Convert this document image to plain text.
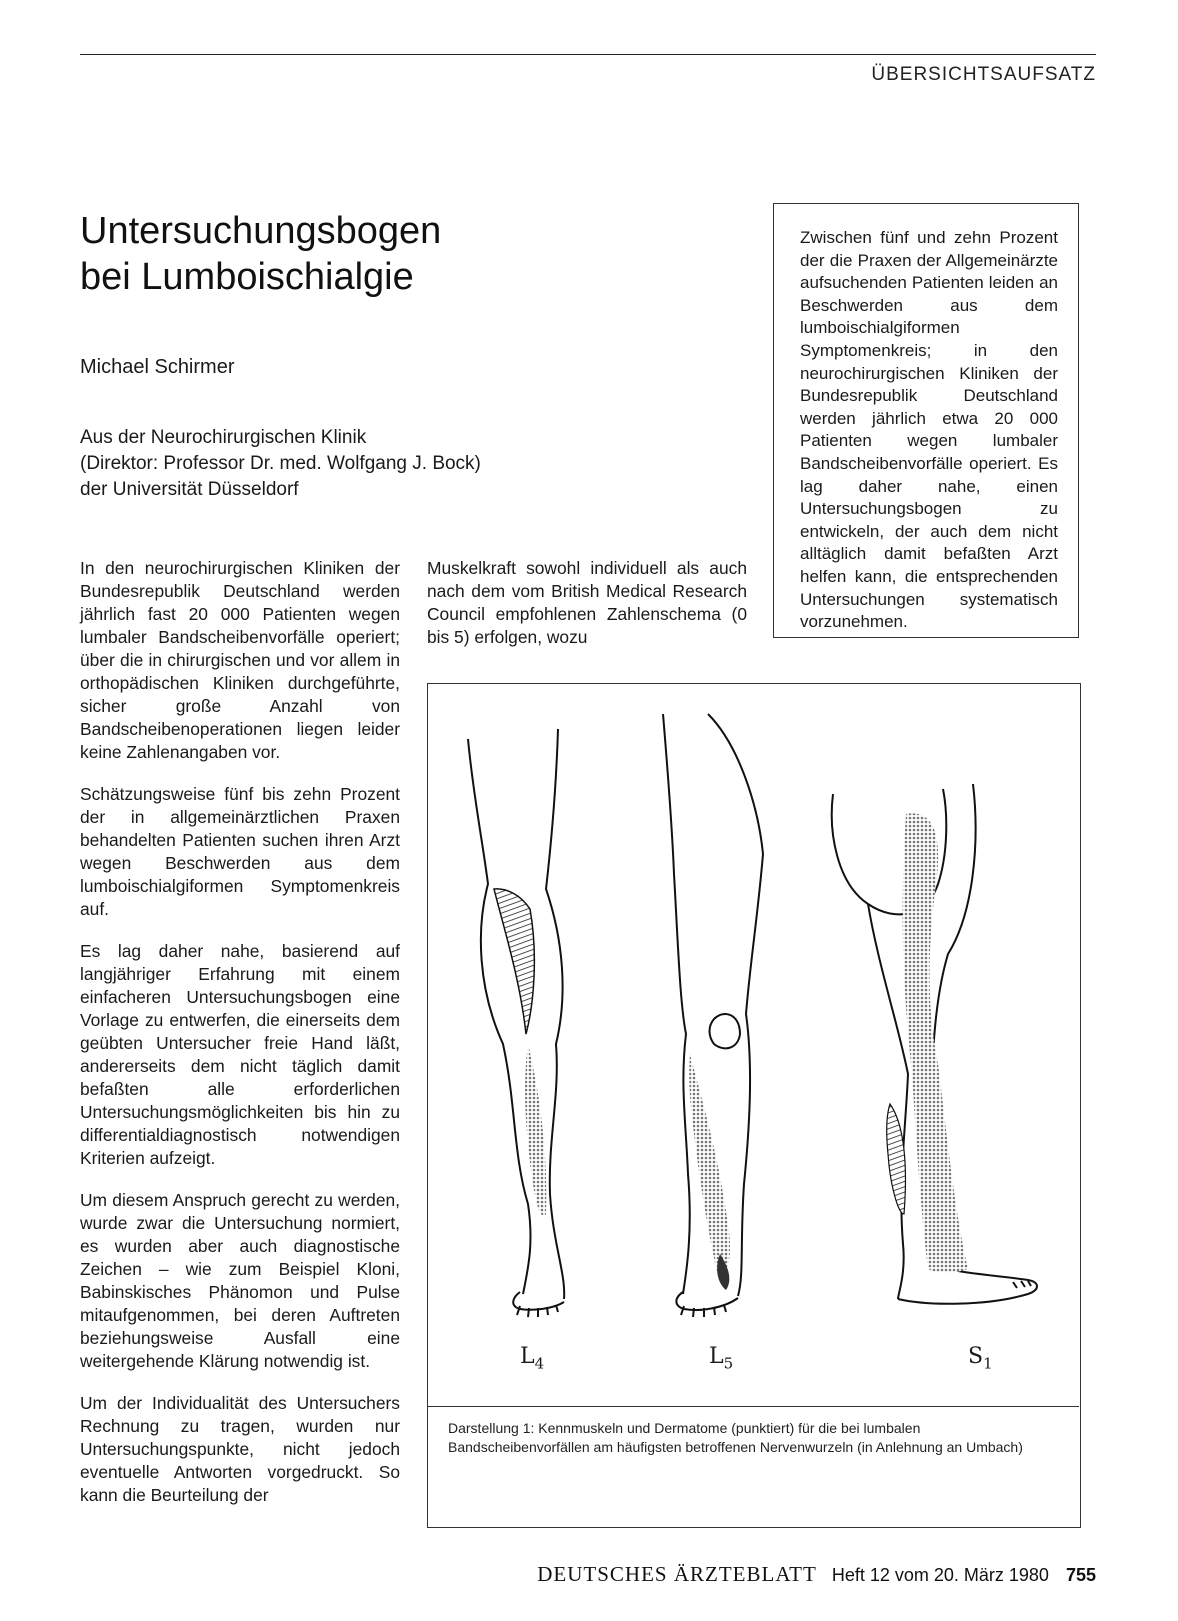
ÜBERSICHTSAUFSATZ
Untersuchungsbogen
bei Lumboischialgie
Michael Schirmer
Aus der Neurochirurgischen Klinik
(Direktor: Professor Dr. med. Wolfgang J. Bock)
der Universität Düsseldorf
Zwischen fünf und zehn Prozent der die Praxen der Allgemeinärzte aufsuchenden Patienten leiden an Beschwerden aus dem lumboischialgiformen Symptomenkreis; in den neurochirurgischen Kliniken der Bundesrepublik Deutschland werden jährlich etwa 20 000 Patienten wegen lumbaler Bandscheibenvorfälle operiert. Es lag daher nahe, einen Untersuchungsbogen zu entwickeln, der auch dem nicht alltäglich damit befaßten Arzt helfen kann, die entsprechenden Untersuchungen systematisch vorzunehmen.

In den neurochirurgischen Kliniken der Bundesrepublik Deutschland werden jährlich fast 20 000 Patienten wegen lumbaler Bandscheibenvorfälle operiert; über die in chirurgischen und vor allem in orthopädischen Kliniken durchgeführte, sicher große Anzahl von Bandscheibenoperationen liegen leider keine Zahlenangaben vor.

Schätzungsweise fünf bis zehn Prozent der in allgemeinärztlichen Praxen behandelten Patienten suchen ihren Arzt wegen Beschwerden aus dem lumboischialgiformen Symptomenkreis auf.

Es lag daher nahe, basierend auf langjähriger Erfahrung mit einem einfacheren Untersuchungsbogen eine Vorlage zu entwerfen, die einerseits dem geübten Untersucher freie Hand läßt, andererseits dem nicht täglich damit befaßten alle erforderlichen Untersuchungsmöglichkeiten bis hin zu differentialdiagnostisch notwendigen Kriterien aufzeigt.

Um diesem Anspruch gerecht zu werden, wurde zwar die Untersuchung normiert, es wurden aber auch diagnostische Zeichen – wie zum Beispiel Kloni, Babinskisches Phänomon und Pulse mitaufgenommen, bei deren Auftreten beziehungsweise Ausfall eine weitergehende Klärung notwendig ist.

Um der Individualität des Untersuchers Rechnung zu tragen, wurden nur Untersuchungspunkte, nicht jedoch eventuelle Antworten vorgedruckt. So kann die Beurteilung der

Muskelkraft sowohl individuell als auch nach dem vom British Medical Research Council empfohlenen Zahlenschema (0 bis 5) erfolgen, wozu

$L_4$	$L_5$	$S_1$
Darstellung 1: Kennmuskeln und Dermatome (punktiert) für die bei lumbalen Bandscheibenvorfällen am häufigsten betroffenen Nervenwurzeln (in Anlehnung an Umbach)
DEUTSCHES ÄRZTEBLATT Heft 12 vom 20. März 1980 755
